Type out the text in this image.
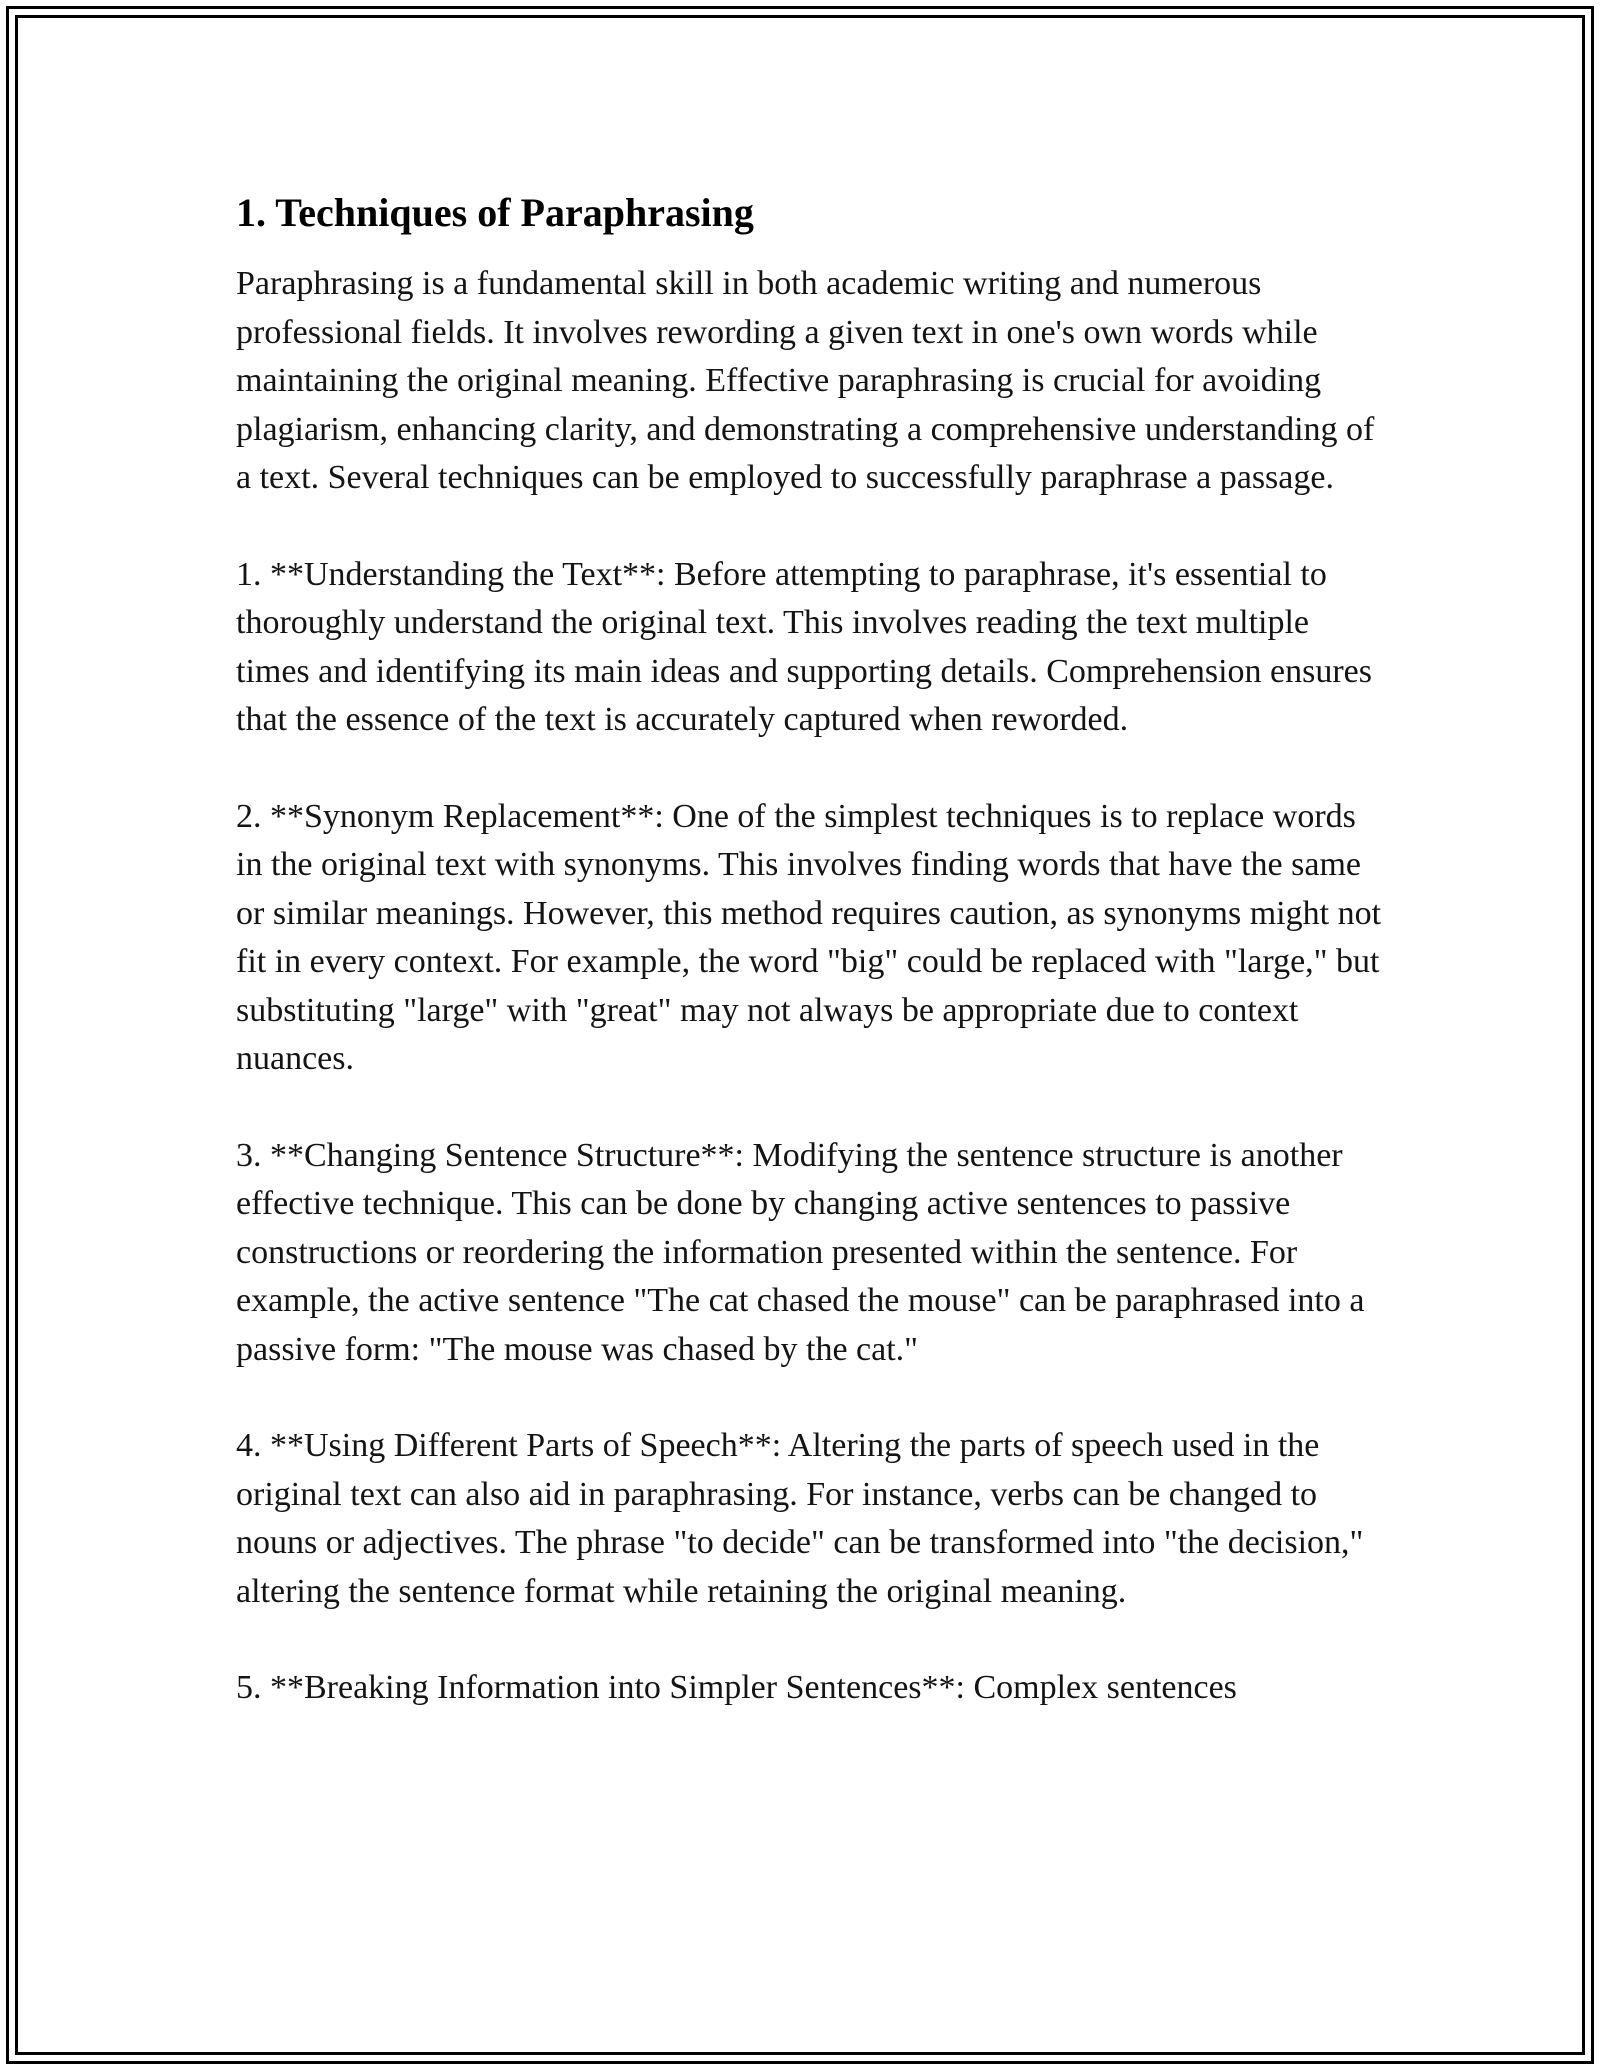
1. Techniques of Paraphrasing

Paraphrasing is a fundamental skill in both academic writing and numerous professional fields. It involves rewording a given text in one's own words while maintaining the original meaning. Effective paraphrasing is crucial for avoiding plagiarism, enhancing clarity, and demonstrating a comprehensive understanding of a text. Several techniques can be employed to successfully paraphrase a passage.

1. **Understanding the Text**: Before attempting to paraphrase, it's essential to thoroughly understand the original text. This involves reading the text multiple times and identifying its main ideas and supporting details. Comprehension ensures that the essence of the text is accurately captured when reworded.

2. **Synonym Replacement**: One of the simplest techniques is to replace words in the original text with synonyms. This involves finding words that have the same or similar meanings. However, this method requires caution, as synonyms might not fit in every context. For example, the word "big" could be replaced with "large," but substituting "large" with "great" may not always be appropriate due to context nuances.

3. **Changing Sentence Structure**: Modifying the sentence structure is another effective technique. This can be done by changing active sentences to passive constructions or reordering the information presented within the sentence. For example, the active sentence "The cat chased the mouse" can be paraphrased into a passive form: "The mouse was chased by the cat."

4. **Using Different Parts of Speech**: Altering the parts of speech used in the original text can also aid in paraphrasing. For instance, verbs can be changed to nouns or adjectives. The phrase "to decide" can be transformed into "the decision," altering the sentence format while retaining the original meaning.

5. **Breaking Information into Simpler Sentences**: Complex sentences
